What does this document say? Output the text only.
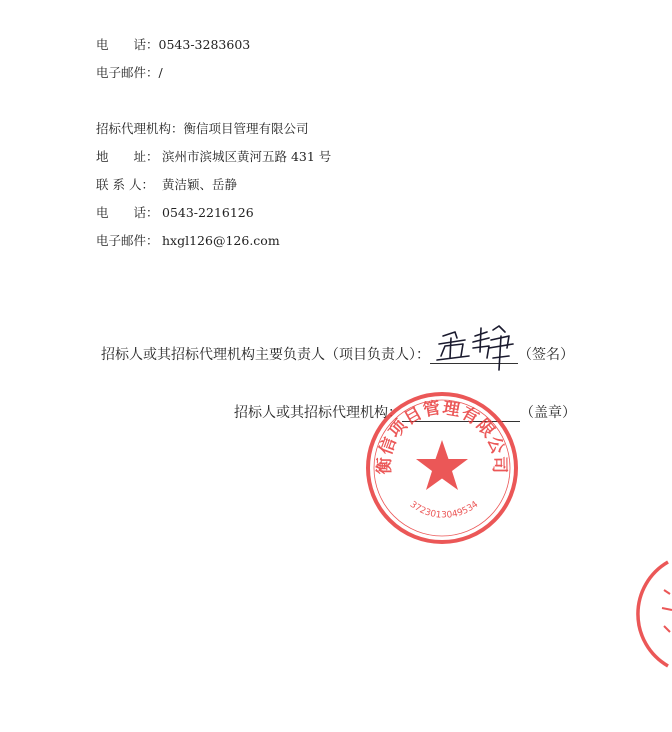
电　　话：0543-3283603
电子邮件：/
招标代理机构：衡信项目管理有限公司
地　　址： 滨州市滨城区黄河五路 431 号
联 系 人： 黄洁颖、岳静
电　　话： 0543-2216126
电子邮件： hxgl126@126.com
招标人或其招标代理机构主要负责人（项目负责人）：	（签名）
招标人或其招标代理机构：	（盖章）
衡信项目管理有限公司
3723013049534
